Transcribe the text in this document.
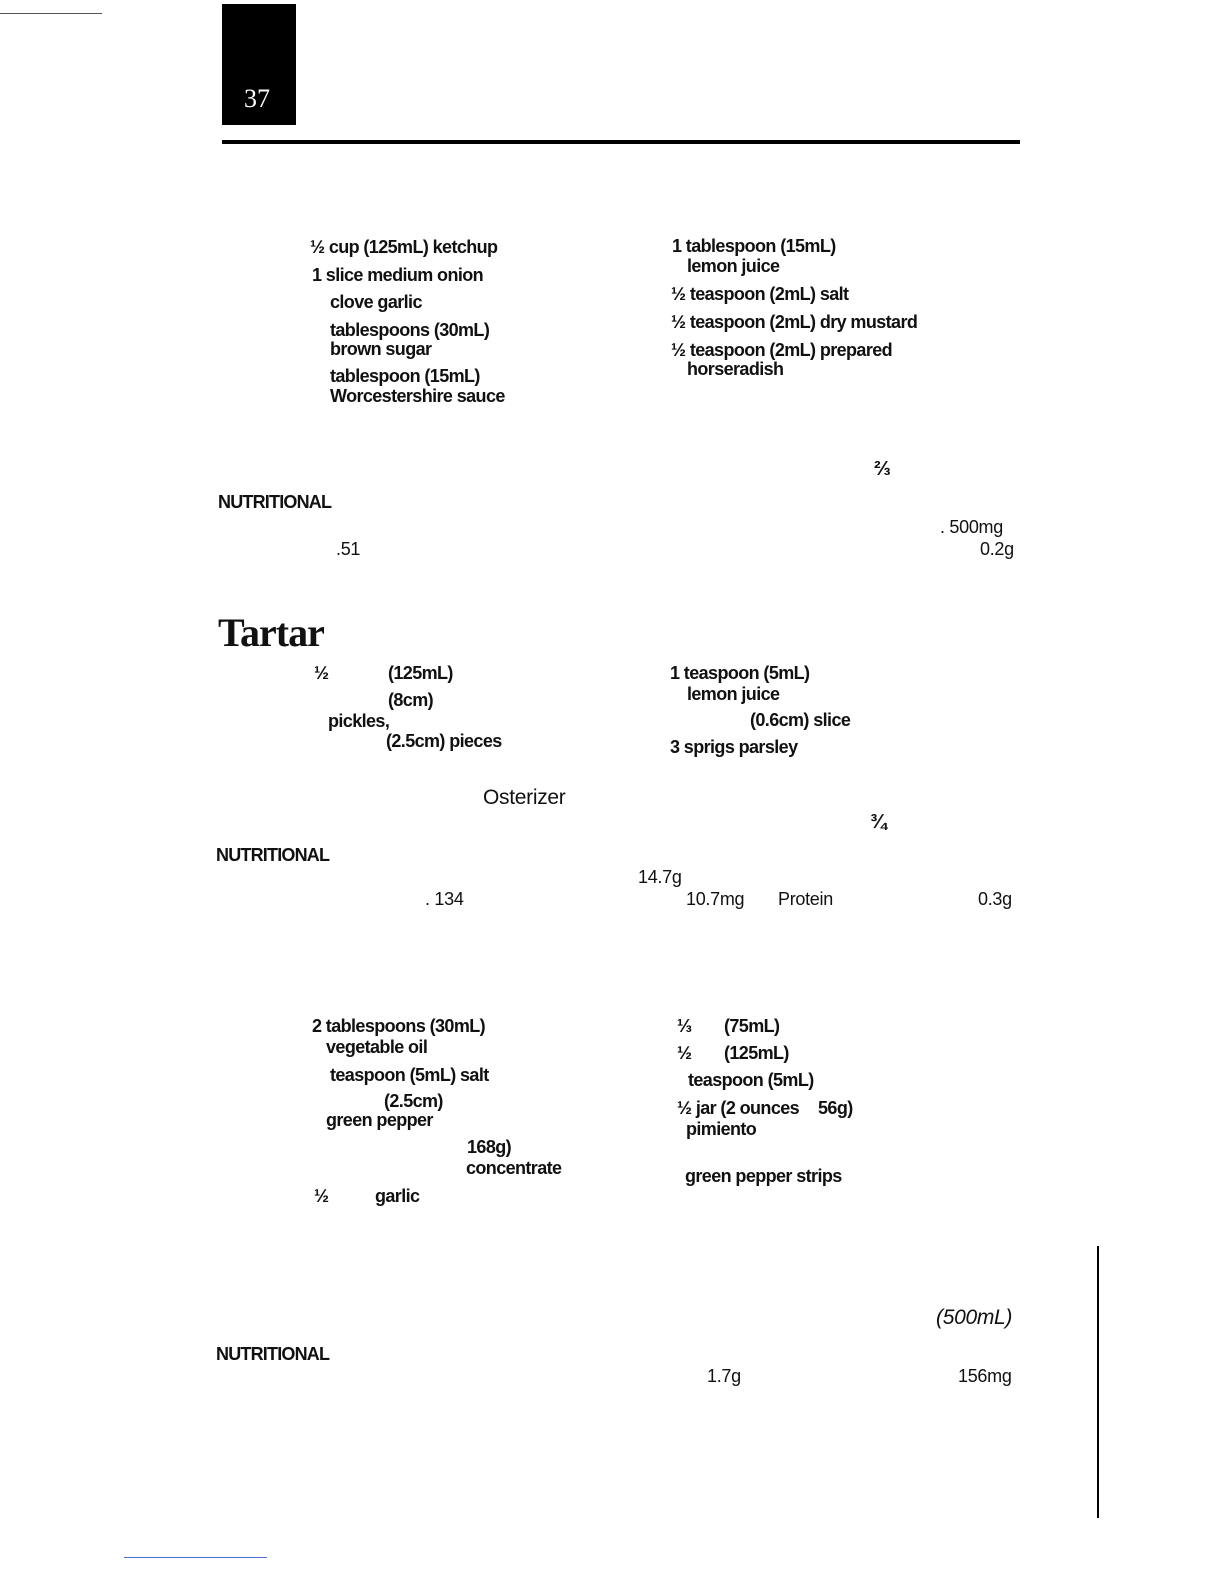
37
½ cup (125mL) ketchup
1 slice medium onion
clove garlic
tablespoons (30mL)
brown sugar
tablespoon (15mL)
Worcestershire sauce
1 tablespoon (15mL)
lemon juice
½ teaspoon (2mL) salt
½ teaspoon (2mL) dry mustard
½ teaspoon (2mL) prepared
horseradish
⅔
NUTRITIONAL
. 500mg
.51	0.2g
Tartar
½	(125mL)
(8cm)
pickles,
(2.5cm) pieces
1 teaspoon (5mL)
lemon juice
(0.6cm) slice
3 sprigs parsley
Osterizer
¾
NUTRITIONAL
14.7g
. 134	10.7mg Protein	0.3g
2 tablespoons (30mL)
vegetable oil
teaspoon (5mL) salt
(2.5cm)
green pepper
168g)
concentrate
½	garlic
⅓ (75mL)
½ (125mL)
teaspoon (5mL)
½ jar (2 ounces 56g)
pimiento
green pepper strips
(500mL)
NUTRITIONAL
1.7g	156mg
